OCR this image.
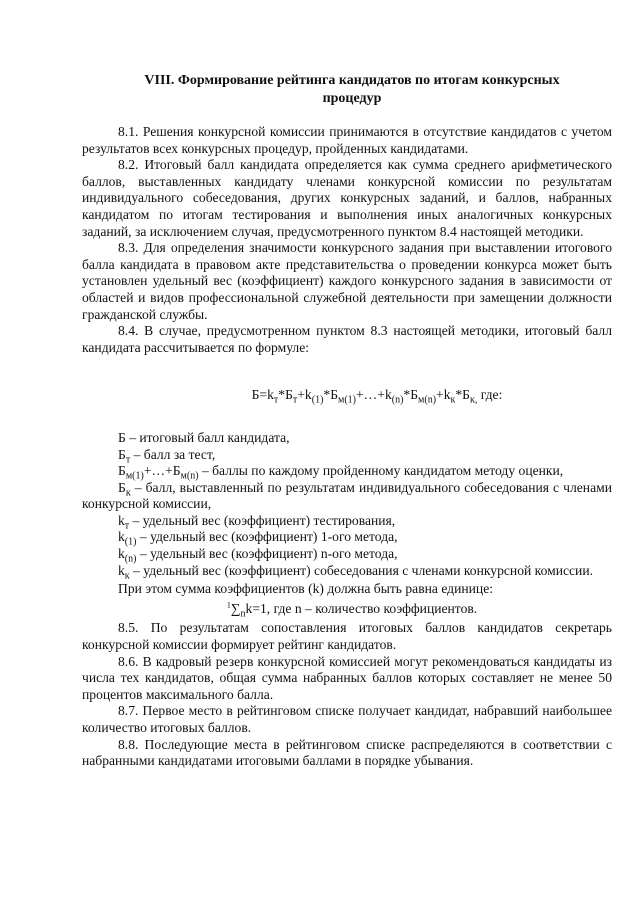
VIII. Формирование рейтинга кандидатов по итогам конкурсных процедур

8.1. Решения конкурсной комиссии принимаются в отсутствие кандидатов с учетом результатов всех конкурсных процедур, пройденных кандидатами.

8.2. Итоговый балл кандидата определяется как сумма среднего арифметического баллов, выставленных кандидату членами конкурсной комиссии по результатам индивидуального собеседования, других конкурсных заданий, и баллов, набранных кандидатом по итогам тестирования и выполнения иных аналогичных конкурсных заданий, за исключением случая, предусмотренного пунктом 8.4 настоящей методики.

8.3. Для определения значимости конкурсного задания при выставлении итогового балла кандидата в правовом акте представительства о проведении конкурса может быть установлен удельный вес (коэффициент) каждого конкурсного задания в зависимости от областей и видов профессиональной служебной деятельности при замещении должности гражданской службы.

8.4. В случае, предусмотренном пунктом 8.3 настоящей методики, итоговый балл кандидата рассчитывается по формуле:

$Б=k_т*Б_т+k_{(1)}*Б_{м(1)}+\dots+k_{(n)}*Б_{м(n)}+k_к*Б_{к,}$ где:

Б – итоговый балл кандидата,

$Б_т$ – балл за тест,

$Б_{м(1)}+\dots+Б_{м(n)}$ – баллы по каждому пройденному кандидатом методу оценки,

$Б_к$ – балл, выставленный по результатам индивидуального собеседования с членами конкурсной комиссии,

$k_т$ – удельный вес (коэффициент) тестирования,

$k_{(1)}$ – удельный вес (коэффициент) 1-ого метода,

$k_{(n)}$ – удельный вес (коэффициент) n-ого метода,

$k_к$ – удельный вес (коэффициент) собеседования с членами конкурсной комиссии.

При этом сумма коэффициентов (k) должна быть равна единице:

$^1\sum_nk=1$, где n – количество коэффициентов.

8.5. По результатам сопоставления итоговых баллов кандидатов секретарь конкурсной комиссии формирует рейтинг кандидатов.

8.6. В кадровый резерв конкурсной комиссией могут рекомендоваться кандидаты из числа тех кандидатов, общая сумма набранных баллов которых составляет не менее 50 процентов максимального балла.

8.7. Первое место в рейтинговом списке получает кандидат, набравший наибольшее количество итоговых баллов.

8.8. Последующие места в рейтинговом списке распределяются в соответствии с набранными кандидатами итоговыми баллами в порядке убывания.
